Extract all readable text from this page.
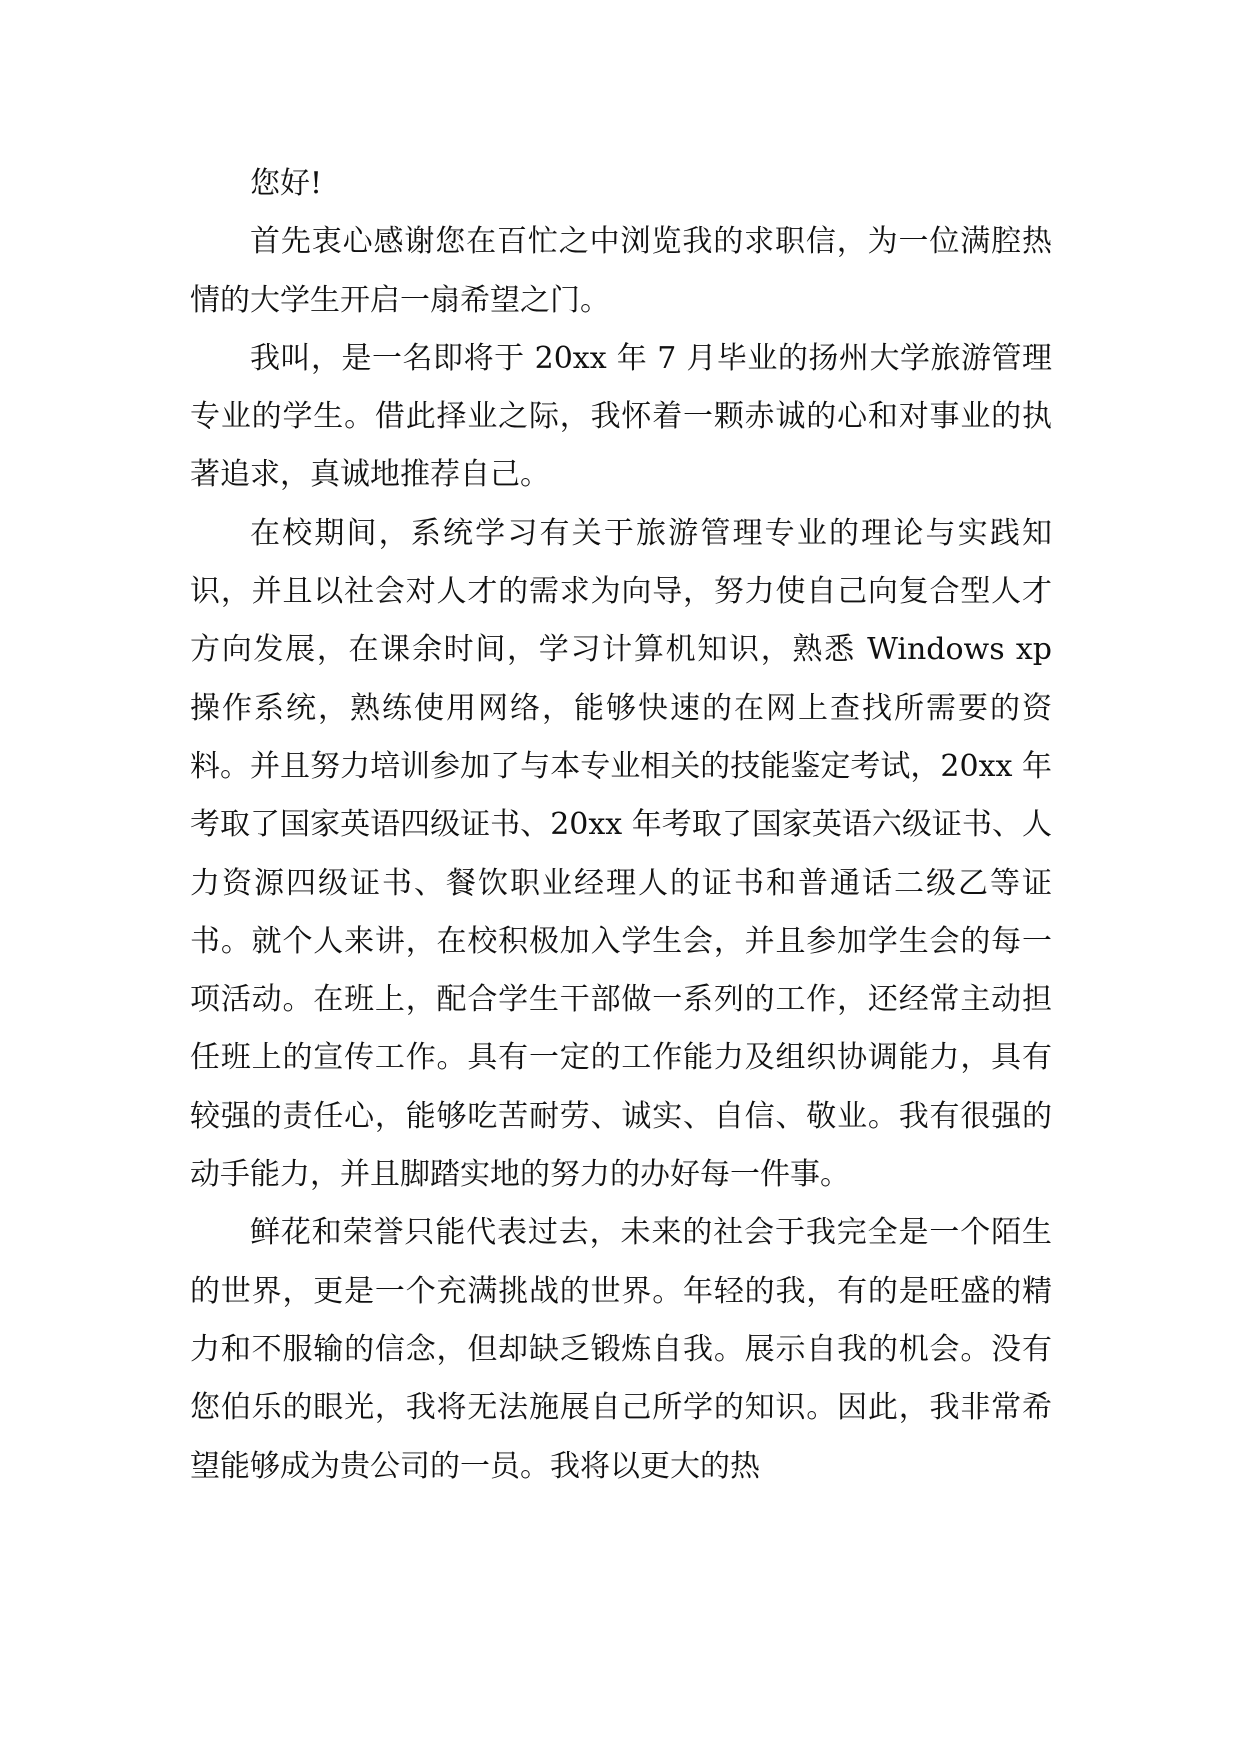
您好!

首先衷心感谢您在百忙之中浏览我的求职信，为一位满腔热情的大学生开启一扇希望之门。

我叫，是一名即将于 20xx 年 7 月毕业的扬州大学旅游管理专业的学生。借此择业之际，我怀着一颗赤诚的心和对事业的执著追求，真诚地推荐自己。

在校期间，系统学习有关于旅游管理专业的理论与实践知识，并且以社会对人才的需求为向导，努力使自己向复合型人才方向发展，在课余时间，学习计算机知识，熟悉 Windows xp 操作系统，熟练使用网络，能够快速的在网上查找所需要的资料。并且努力培训参加了与本专业相关的技能鉴定考试，20xx 年考取了国家英语四级证书、20xx 年考取了国家英语六级证书、人力资源四级证书、餐饮职业经理人的证书和普通话二级乙等证书。就个人来讲，在校积极加入学生会，并且参加学生会的每一项活动。在班上，配合学生干部做一系列的工作，还经常主动担任班上的宣传工作。具有一定的工作能力及组织协调能力，具有较强的责任心，能够吃苦耐劳、诚实、自信、敬业。我有很强的动手能力，并且脚踏实地的努力的办好每一件事。

鲜花和荣誉只能代表过去，未来的社会于我完全是一个陌生的世界，更是一个充满挑战的世界。年轻的我，有的是旺盛的精力和不服输的信念，但却缺乏锻炼自我。展示自我的机会。没有您伯乐的眼光，我将无法施展自己所学的知识。因此，我非常希望能够成为贵公司的一员。我将以更大的热
